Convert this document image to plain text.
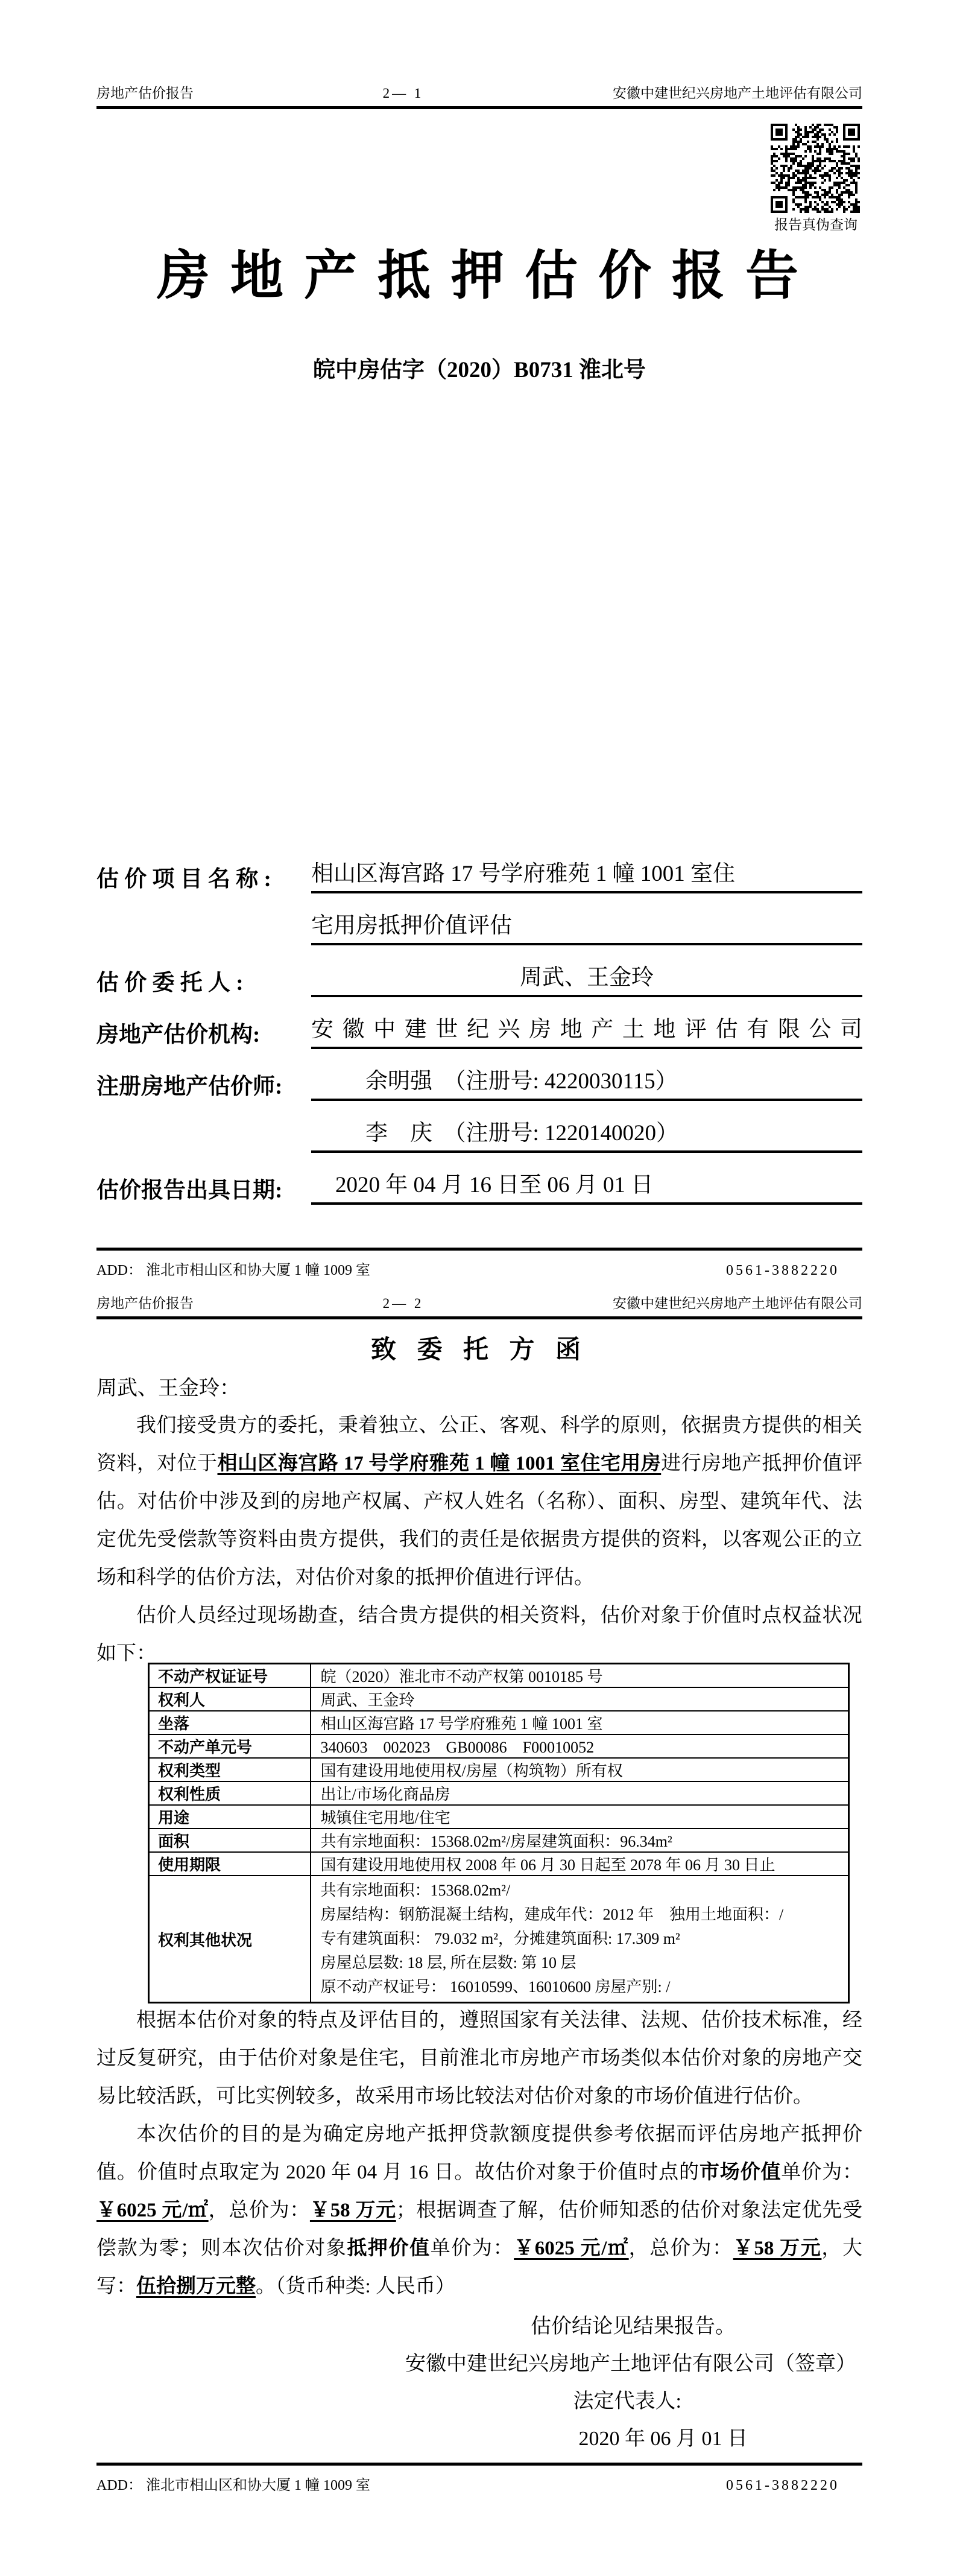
房地产估价报告	2— 1	安徽中建世纪兴房地产土地评估有限公司
报告真伪查询
房 地 产 抵 押 估 价 报 告
皖中房估字（2020）B0731 淮北号
估 价 项 目 名 称 :	相山区海宫路 17 号学府雅苑 1 幢 1001 室住
宅用房抵押价值评估
估 价 委 托 人 :	周武、王金玲
房地产估价机构:	安徽中建世纪兴房地产土地评估有限公司
注册房地产估价师:	余明强　（注册号: 4220030115）
李　庆　（注册号: 1220140020）
估价报告出具日期:	2020 年 04 月 16 日至 06 月 01 日
ADD： 淮北市相山区和协大厦 1 幢 1009 室	0561-3882220
房地产估价报告	2— 2	安徽中建世纪兴房地产土地评估有限公司
致 委 托 方 函
周武、王金玲：

我们接受贵方的委托，秉着独立、公正、客观、科学的原则，依据贵方提供的相关资料，对位于相山区海宫路 17 号学府雅苑 1 幢 1001 室住宅用房进行房地产抵押价值评估。对估价中涉及到的房地产权属、产权人姓名（名称）、面积、房型、建筑年代、法定优先受偿款等资料由贵方提供，我们的责任是依据贵方提供的资料，以客观公正的立场和科学的估价方法，对估价对象的抵押价值进行评估。

估价人员经过现场勘查，结合贵方提供的相关资料，估价对象于价值时点权益状况如下：

不动产权证证号	皖（2020）淮北市不动产权第 0010185 号
权利人	周武、王金玲
坐落	相山区海宫路 17 号学府雅苑 1 幢 1001 室
不动产单元号	340603　002023　GB00086　F00010052
权利类型	国有建设用地使用权/房屋（构筑物）所有权
权利性质	出让/市场化商品房
用途	城镇住宅用地/住宅
面积	共有宗地面积：15368.02m²/房屋建筑面积：96.34m²
使用期限	国有建设用地使用权 2008 年 06 月 30 日起至 2078 年 06 月 30 日止
权利其他状况	共有宗地面积：15368.02m²/
房屋结构：钢筋混凝土结构，建成年代：2012 年　独用土地面积：/
专有建筑面积： 79.032 m²，分摊建筑面积: 17.309 m²
房屋总层数: 18 层, 所在层数: 第 10 层
原不动产权证号： 16010599、16010600 房屋产别: /

根据本估价对象的特点及评估目的，遵照国家有关法律、法规、估价技术标准，经过反复研究，由于估价对象是住宅，目前淮北市房地产市场类似本估价对象的房地产交易比较活跃，可比实例较多，故采用市场比较法对估价对象的市场价值进行估价。

本次估价的目的是为确定房地产抵押贷款额度提供参考依据而评估房地产抵押价值。价值时点取定为 2020 年 04 月 16 日。故估价对象于价值时点的市场价值单价为：￥6025 元/㎡，总价为：￥58 万元；根据调查了解，估价师知悉的估价对象法定优先受偿款为零；则本次估价对象抵押价值单价为：￥6025 元/㎡，总价为：￥58 万元，大写：伍拾捌万元整。（货币种类: 人民币）

估价结论见结果报告。
安徽中建世纪兴房地产土地评估有限公司（签章）
法定代表人:
2020 年 06 月 01 日
ADD： 淮北市相山区和协大厦 1 幢 1009 室	0561-3882220
